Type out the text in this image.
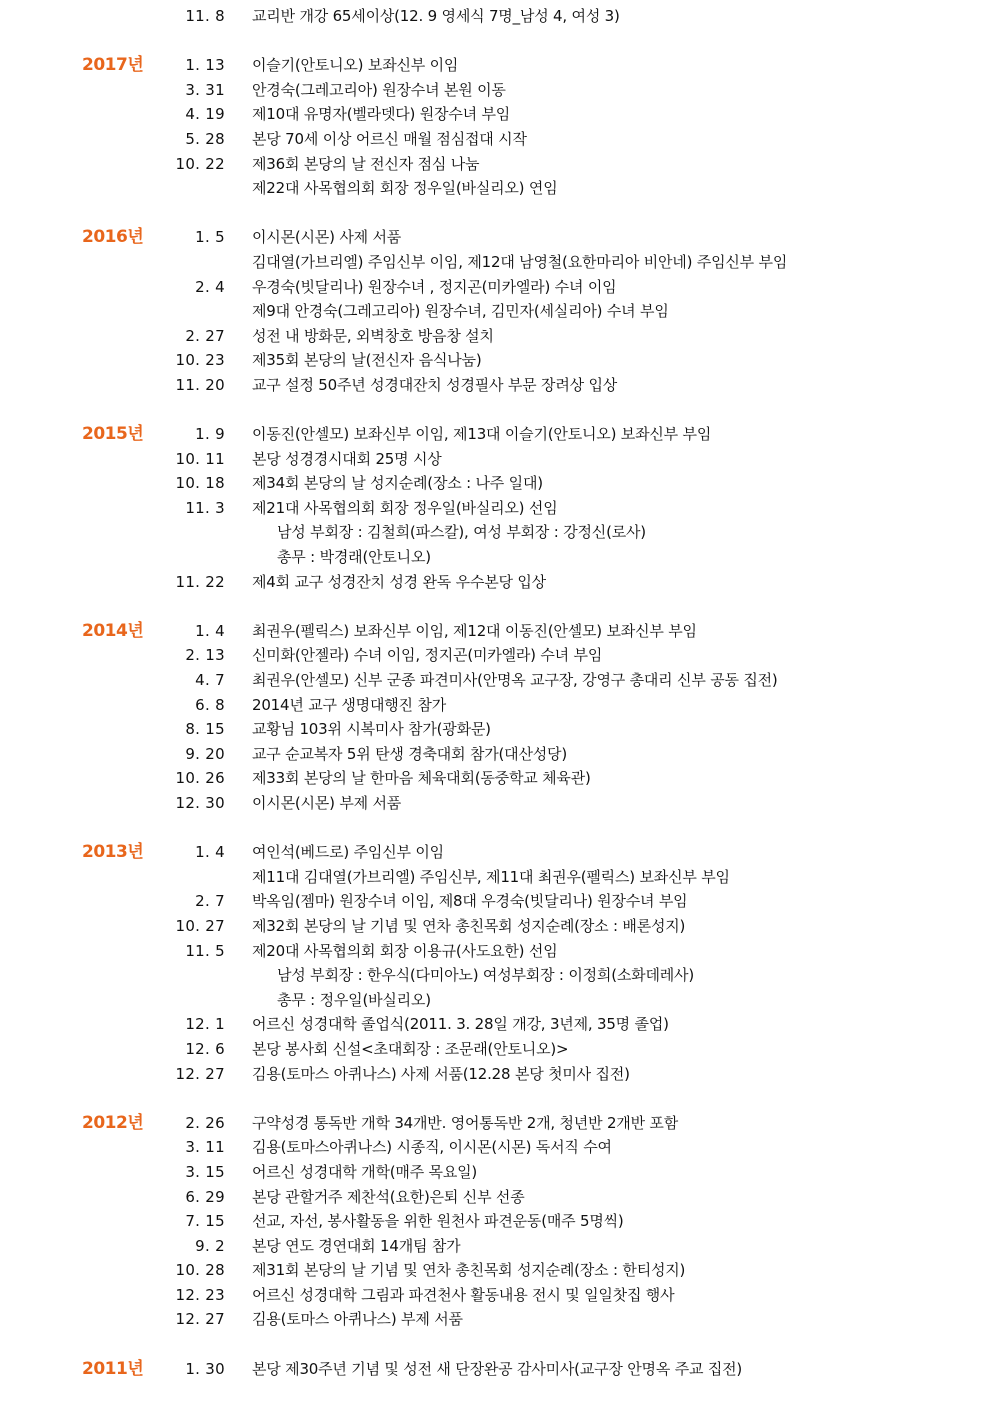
11. 8 교리반 개강 65세이상(12. 9 영세식 7명_남성 4, 여성 3)
2017년	1. 13 이슬기(안토니오) 보좌신부 이임
3. 31 안경숙(그레고리아) 원장수녀 본원 이동
4. 19 제10대 유명자(벨라뎃다) 원장수녀 부임
5. 28 본당 70세 이상 어르신 매월 점심접대 시작
10. 22 제36회 본당의 날 전신자 점심 나눔
제22대 사목협의회 회장 정우일(바실리오) 연임
2016년	1. 5 이시몬(시몬) 사제 서품
김대열(가브리엘) 주임신부 이임, 제12대 남영철(요한마리아 비안네) 주임신부 부임
2. 4 우경숙(빗달리나) 원장수녀 , 정지곤(미카엘라) 수녀 이임
제9대 안경숙(그레고리아) 원장수녀, 김민자(세실리아) 수녀 부임
2. 27 성전 내 방화문, 외벽창호 방음창 설치
10. 23 제35회 본당의 날(전신자 음식나눔)
11. 20 교구 설정 50주년 성경대잔치 성경필사 부문 장려상 입상
2015년	1. 9 이동진(안셀모) 보좌신부 이임, 제13대 이슬기(안토니오) 보좌신부 부임
10. 11 본당 성경경시대회 25명 시상
10. 18 제34회 본당의 날 성지순례(장소 : 나주 일대)
11. 3 제21대 사목협의회 회장 정우일(바실리오) 선임
남성 부회장 : 김철희(파스칼), 여성 부회장 : 강정신(로사)
총무 : 박경래(안토니오)
11. 22 제4회 교구 성경잔치 성경 완독 우수본당 입상
2014년	1. 4 최권우(펠릭스) 보좌신부 이임, 제12대 이동진(안셀모) 보좌신부 부임
2. 13 신미화(안젤라) 수녀 이임, 정지곤(미카엘라) 수녀 부임
4. 7 최권우(안셀모) 신부 군종 파견미사(안명옥 교구장, 강영구 총대리 신부 공동 집전)
6. 8 2014년 교구 생명대행진 참가
8. 15 교황님 103위 시복미사 참가(광화문)
9. 20 교구 순교복자 5위 탄생 경축대회 참가(대산성당)
10. 26 제33회 본당의 날 한마음 체육대회(동중학교 체육관)
12. 30 이시몬(시몬) 부제 서품
2013년	1. 4 여인석(베드로) 주임신부 이임
제11대 김대열(가브리엘) 주임신부, 제11대 최권우(펠릭스) 보좌신부 부임
2. 7 박옥임(젬마) 원장수녀 이임, 제8대 우경숙(빗달리나) 원장수녀 부임
10. 27 제32회 본당의 날 기념 및 연차 총친목회 성지순례(장소 : 배론성지)
11. 5 제20대 사목협의회 회장 이용규(사도요한) 선임
남성 부회장 : 한우식(다미아노) 여성부회장 : 이정희(소화데레사)
총무 : 정우일(바실리오)
12. 1 어르신 성경대학 졸업식(2011. 3. 28일 개강, 3년제, 35명 졸업)
12. 6 본당 봉사회 신설<초대회장 : 조문래(안토니오)>
12. 27 김용(토마스 아퀴나스) 사제 서품(12.28 본당 첫미사 집전)
2012년	2. 26 구약성경 통독반 개학 34개반. 영어통독반 2개, 청년반 2개반 포함
3. 11 김용(토마스아퀴나스) 시종직, 이시몬(시몬) 독서직 수여
3. 15 어르신 성경대학 개학(매주 목요일)
6. 29 본당 관할거주 제찬석(요한)은퇴 신부 선종
7. 15 선교, 자선, 봉사활동을 위한 원천사 파견운동(매주 5명씩)
9. 2 본당 연도 경연대회 14개팀 참가
10. 28 제31회 본당의 날 기념 및 연차 총친목회 성지순례(장소 : 한티성지)
12. 23 어르신 성경대학 그림과 파견천사 활동내용 전시 및 일일찻집 행사
12. 27 김용(토마스 아퀴나스) 부제 서품
2011년	1. 30 본당 제30주년 기념 및 성전 새 단장완공 감사미사(교구장 안명옥 주교 집전)
